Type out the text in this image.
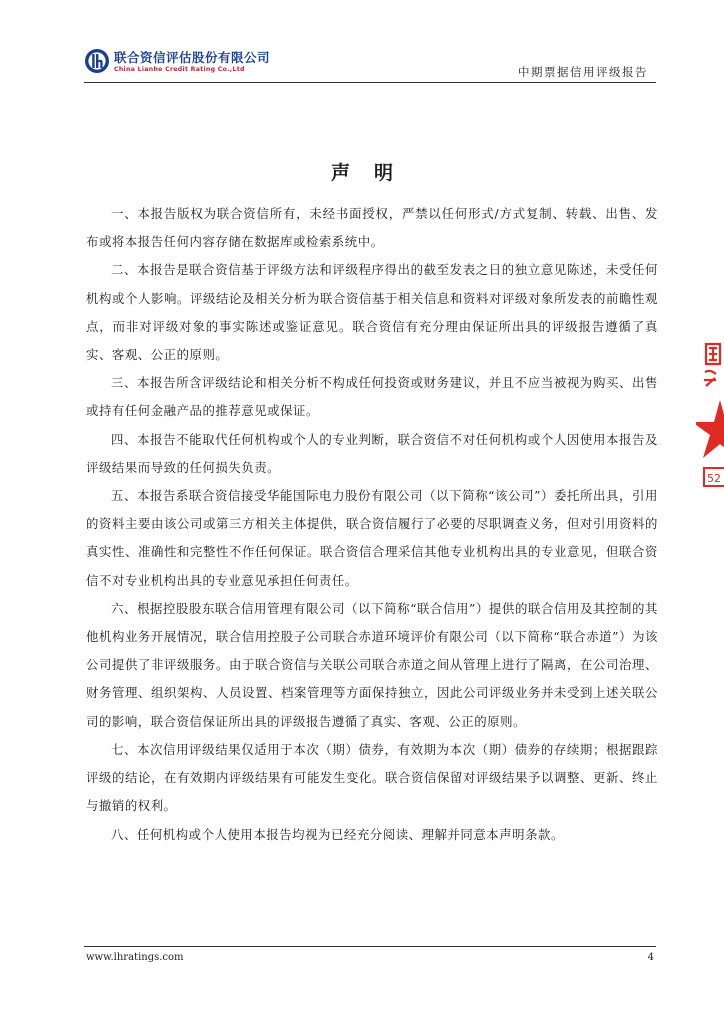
联合资信评估股份有限公司
China Lianhe Credit Rating Co.,Ltd	中期票据信用评级报告
声明

一、本报告版权为联合资信所有，未经书面授权，严禁以任何形式/方式复制、转载、出售、发布或将本报告任何内容存储在数据库或检索系统中。

二、本报告是联合资信基于评级方法和评级程序得出的截至发表之日的独立意见陈述，未受任何机构或个人影响。评级结论及相关分析为联合资信基于相关信息和资料对评级对象所发表的前瞻性观点，而非对评级对象的事实陈述或鉴证意见。联合资信有充分理由保证所出具的评级报告遵循了真实、客观、公正的原则。

三、本报告所含评级结论和相关分析不构成任何投资或财务建议，并且不应当被视为购买、出售或持有任何金融产品的推荐意见或保证。

四、本报告不能取代任何机构或个人的专业判断，联合资信不对任何机构或个人因使用本报告及评级结果而导致的任何损失负责。

五、本报告系联合资信接受华能国际电力股份有限公司（以下简称“该公司”）委托所出具，引用的资料主要由该公司或第三方相关主体提供，联合资信履行了必要的尽职调查义务，但对引用资料的真实性、准确性和完整性不作任何保证。联合资信合理采信其他专业机构出具的专业意见，但联合资信不对专业机构出具的专业意见承担任何责任。

六、根据控股股东联合信用管理有限公司（以下简称“联合信用”）提供的联合信用及其控制的其他机构业务开展情况，联合信用控股子公司联合赤道环境评价有限公司（以下简称“联合赤道”）为该公司提供了非评级服务。由于联合资信与关联公司联合赤道之间从管理上进行了隔离，在公司治理、财务管理、组织架构、人员设置、档案管理等方面保持独立，因此公司评级业务并未受到上述关联公司的影响，联合资信保证所出具的评级报告遵循了真实、客观、公正的原则。

七、本次信用评级结果仅适用于本次（期）债券，有效期为本次（期）债券的存续期；根据跟踪评级的结论，在有效期内评级结果有可能发生变化。联合资信保留对评级结果予以调整、更新、终止与撤销的权利。

八、任何机构或个人使用本报告均视为已经充分阅读、理解并同意本声明条款。

52
www.lhratings.com	4
